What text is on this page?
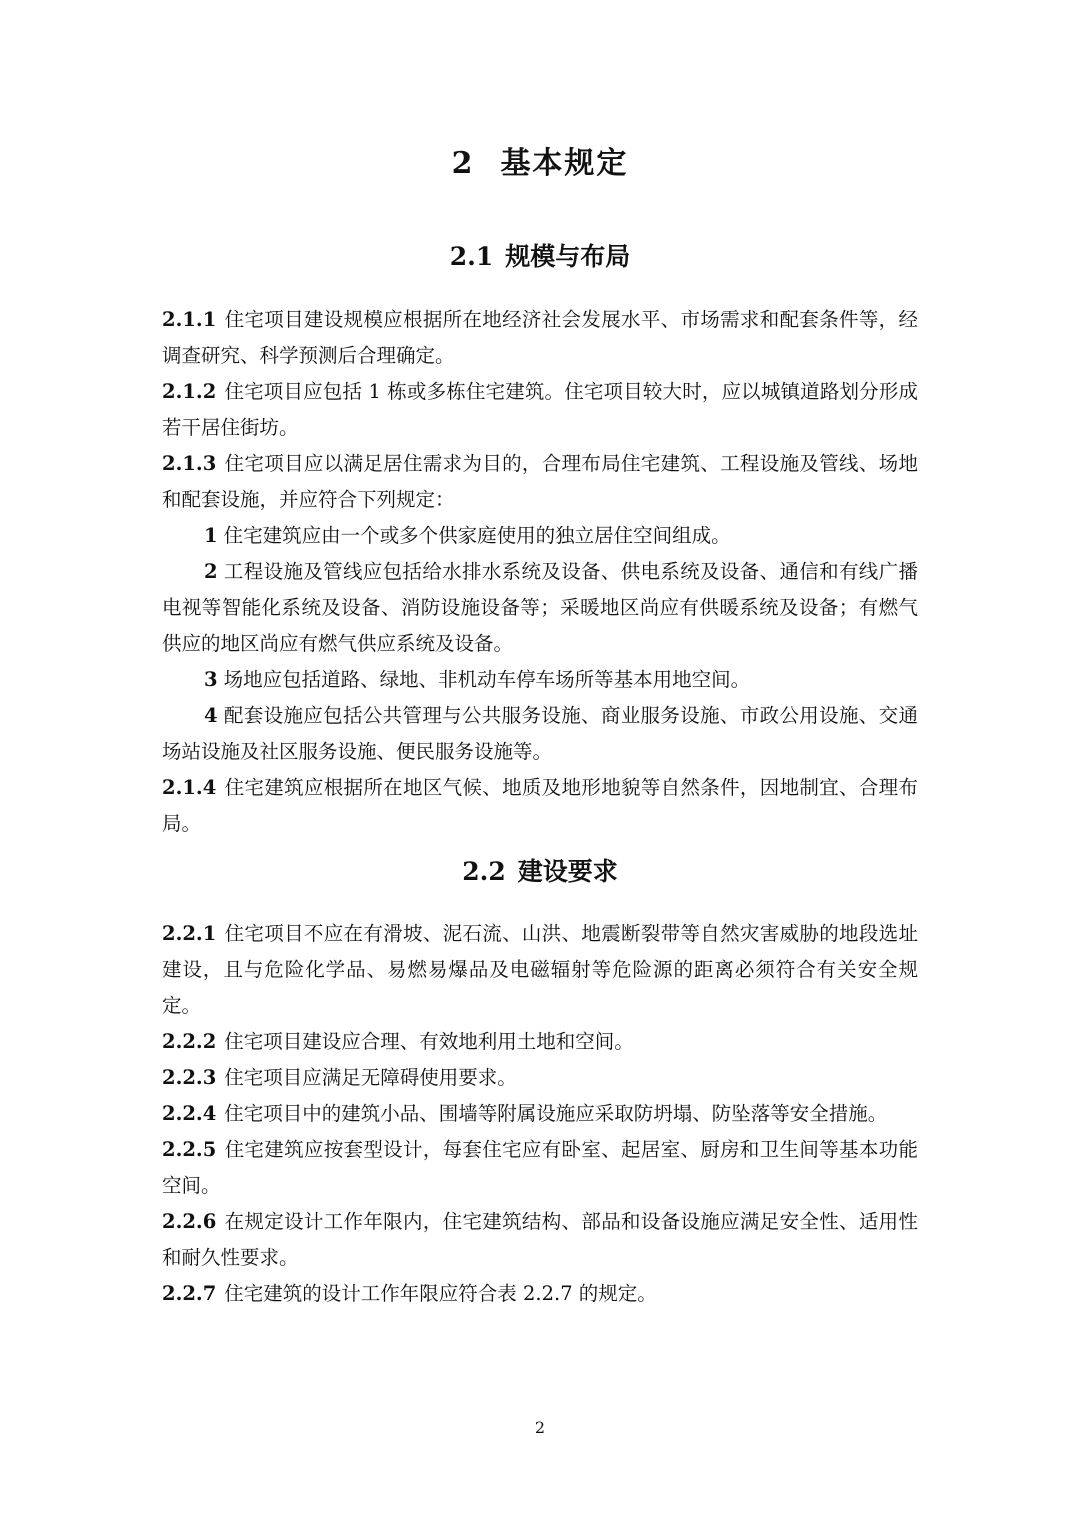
2 基本规定
2.1 规模与布局

2.1.1 住宅项目建设规模应根据所在地经济社会发展水平、市场需求和配套条件等，经调查研究、科学预测后合理确定。

2.1.2 住宅项目应包括 1 栋或多栋住宅建筑。住宅项目较大时，应以城镇道路划分形成若干居住街坊。

2.1.3 住宅项目应以满足居住需求为目的，合理布局住宅建筑、工程设施及管线、场地和配套设施，并应符合下列规定：

1 住宅建筑应由一个或多个供家庭使用的独立居住空间组成。

2 工程设施及管线应包括给水排水系统及设备、供电系统及设备、通信和有线广播电视等智能化系统及设备、消防设施设备等；采暖地区尚应有供暖系统及设备；有燃气供应的地区尚应有燃气供应系统及设备。

3 场地应包括道路、绿地、非机动车停车场所等基本用地空间。

4 配套设施应包括公共管理与公共服务设施、商业服务设施、市政公用设施、交通场站设施及社区服务设施、便民服务设施等。

2.1.4 住宅建筑应根据所在地区气候、地质及地形地貌等自然条件，因地制宜、合理布局。

2.2 建设要求

2.2.1 住宅项目不应在有滑坡、泥石流、山洪、地震断裂带等自然灾害威胁的地段选址建设，且与危险化学品、易燃易爆品及电磁辐射等危险源的距离必须符合有关安全规定。

2.2.2 住宅项目建设应合理、有效地利用土地和空间。

2.2.3 住宅项目应满足无障碍使用要求。

2.2.4 住宅项目中的建筑小品、围墙等附属设施应采取防坍塌、防坠落等安全措施。

2.2.5 住宅建筑应按套型设计，每套住宅应有卧室、起居室、厨房和卫生间等基本功能空间。

2.2.6 在规定设计工作年限内，住宅建筑结构、部品和设备设施应满足安全性、适用性和耐久性要求。

2.2.7 住宅建筑的设计工作年限应符合表 2.2.7 的规定。

2
